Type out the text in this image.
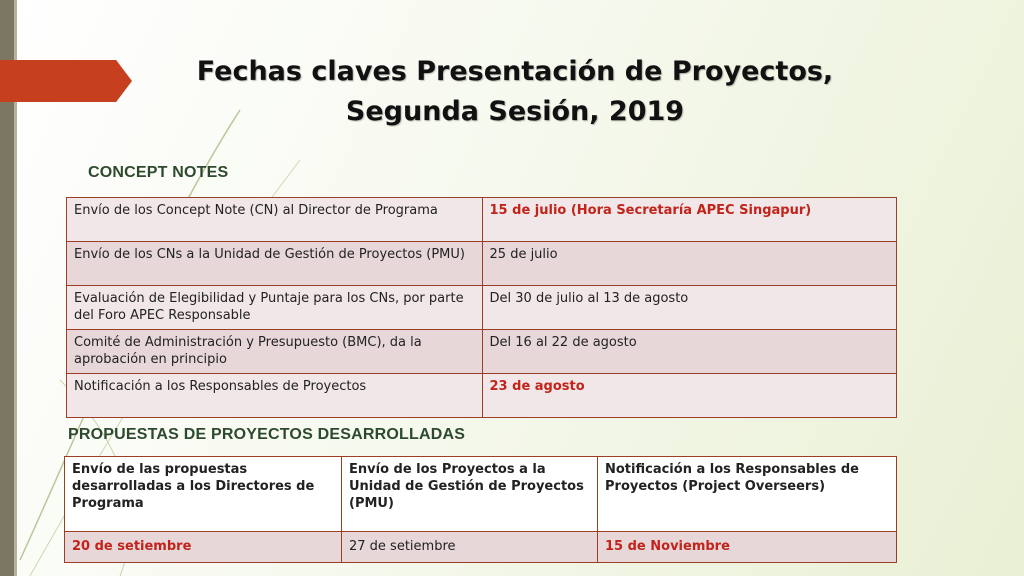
Fechas claves Presentación de Proyectos,
Segunda Sesión, 2019
CONCEPT NOTES
Envío de los Concept Note (CN) al Director de Programa	15 de julio (Hora Secretaría APEC Singapur)
Envío de los CNs a la Unidad de Gestión de Proyectos (PMU)	25 de julio
Evaluación de Elegibilidad y Puntaje para los CNs, por parte del Foro APEC Responsable	Del 30 de julio al 13 de agosto
Comité de Administración y Presupuesto (BMC), da la aprobación en principio	Del 16 al 22 de agosto
Notificación a los Responsables de Proyectos	23 de agosto
PROPUESTAS DE PROYECTOS DESARROLLADAS
Envío de las propuestas desarrolladas a los Directores de Programa	Envío de los Proyectos a la Unidad de Gestión de Proyectos (PMU)	Notificación a los Responsables de Proyectos (Project Overseers)
20 de setiembre	27 de setiembre	15 de Noviembre
